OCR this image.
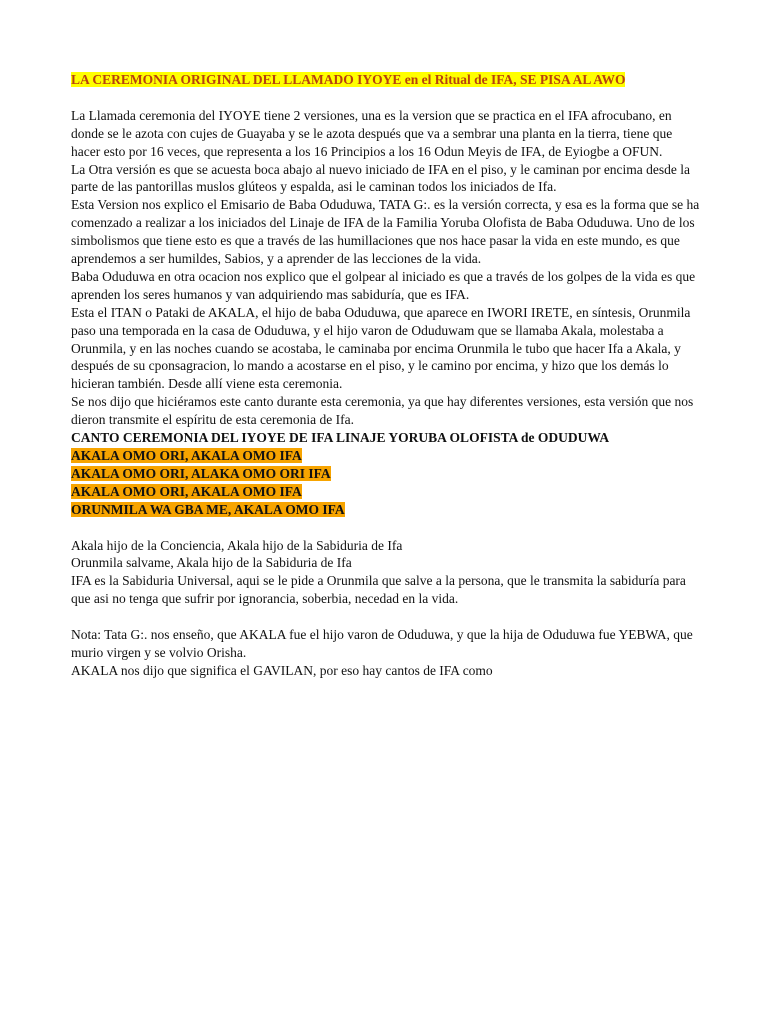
LA CEREMONIA ORIGINAL DEL LLAMADO IYOYE en el Ritual de IFA, SE PISA AL AWO

La Llamada ceremonia del IYOYE tiene 2 versiones, una es la version que se practica en el IFA afrocubano, en donde se le azota con cujes de Guayaba y se le azota después que va a sembrar una planta en la tierra, tiene que hacer esto por 16 veces, que representa a los 16 Principios a los 16 Odun Meyis de IFA, de Eyiogbe a OFUN.

La Otra versión es que se acuesta boca abajo al nuevo iniciado de IFA en el piso, y le caminan por encima desde la parte de las pantorillas muslos glúteos y espalda, asi le caminan todos los iniciados de Ifa.

Esta Version nos explico el Emisario de Baba Oduduwa, TATA G:. es la versión correcta, y esa es la forma que se ha comenzado a realizar a los iniciados del Linaje de IFA de la Familia Yoruba Olofista de Baba Oduduwa. Uno de los simbolismos que tiene esto es que a través de las humillaciones que nos hace pasar la vida en este mundo, es que aprendemos a ser humildes, Sabios, y a aprender de las lecciones de la vida.

Baba Oduduwa en otra ocacion nos explico que el golpear al iniciado es que a través de los golpes de la vida es que aprenden los seres humanos y van adquiriendo mas sabiduría, que es IFA.

Esta el ITAN o Pataki de AKALA, el hijo de baba Oduduwa, que aparece en IWORI IRETE, en síntesis, Orunmila paso una temporada en la casa de Oduduwa, y el hijo varon de Oduduwam que se llamaba Akala, molestaba a Orunmila, y en las noches cuando se acostaba, le caminaba por encima Orunmila le tubo que hacer Ifa a Akala, y después de su cponsagracion, lo mando a acostarse en el piso, y le camino por encima, y hizo que los demás lo hicieran también. Desde allí viene esta ceremonia.

Se nos dijo que hiciéramos este canto durante esta ceremonia, ya que hay diferentes versiones, esta versión que nos dieron transmite el espíritu de esta ceremonia de Ifa.

CANTO CEREMONIA DEL IYOYE DE IFA LINAJE YORUBA OLOFISTA de ODUDUWA

AKALA OMO ORI, AKALA OMO IFA

AKALA OMO ORI, ALAKA OMO ORI IFA

AKALA OMO ORI, AKALA OMO IFA

ORUNMILA WA GBA ME, AKALA OMO IFA

Akala hijo de la Conciencia, Akala hijo de la Sabiduria de Ifa

Orunmila salvame, Akala hijo de la Sabiduria de Ifa

IFA es la Sabiduria Universal, aqui se le pide a Orunmila que salve a la persona, que le transmita la sabiduría para que asi no tenga que sufrir por ignorancia, soberbia, necedad en la vida.

Nota: Tata G:. nos enseño, que AKALA fue el hijo varon de Oduduwa, y que la hija de Oduduwa fue YEBWA, que murio virgen y se volvio Orisha.

AKALA nos dijo que significa el GAVILAN, por eso hay cantos de IFA como
